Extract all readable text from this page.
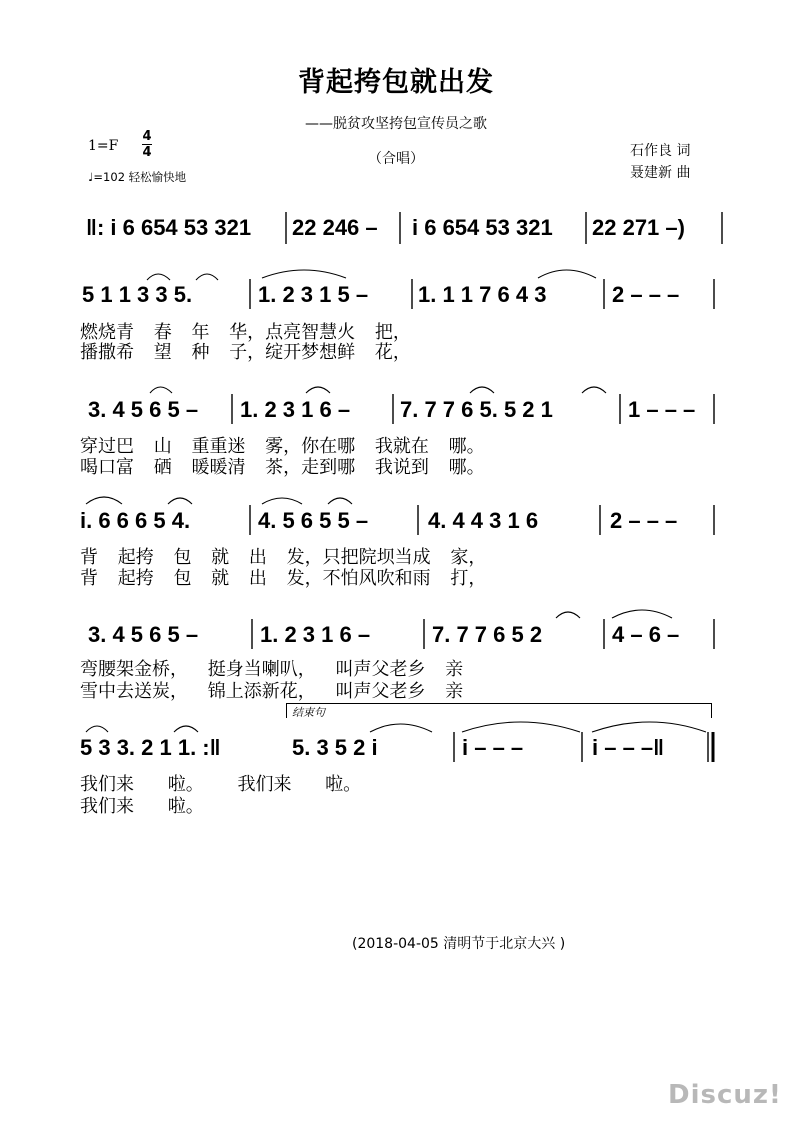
背起挎包就出发
——脱贫攻坚挎包宣传员之歌
（合唱）
1=F
4
4
♩=102 轻松愉快地
石作良 词
聂建新 曲
‖: i 6 654 53 321 22 246 – i 6 654 53 321 22 271 –)
5 1 1 3 3 5.	1. 2 3 1 5 – 1. 1 1 7 6 4 3	2 – – –
燃烧青 春 年 华，点亮智慧火 把，
播撒希 望 种 子，绽开梦想鲜 花，
3. 4 5 6 5 – 1. 2 3 1 6 – 7. 7 7 6 5. 5 2 1	1 – – –
穿过巴 山 重重迷 雾，你在哪 我就在 哪。
喝口富 硒 暖暖清 茶，走到哪 我说到 哪。
i. 6 6 6 5 4.	4. 5 6 5 5 –	4. 4 4 3 1 6	2 – – –
背 起挎 包 就 出 发，只把院坝当成 家，
背 起挎 包 就 出 发，不怕风吹和雨 打，
3. 4 5 6 5 –	1. 2 3 1 6 –	7. 7 7 6 5 2	4 – 6 –
弯腰架金桥， 挺身当喇叭， 叫声父老乡 亲
雪中去送炭， 锦上添新花， 叫声父老乡 亲
结束句
5 3 3. 2 1 1. :‖	5. 3 5 2 i	i – – –	i – – –‖
我们来 啦。 我们来 啦。
我们来 啦。
(2018-04-05 清明节于北京大兴 )
Discuz!
